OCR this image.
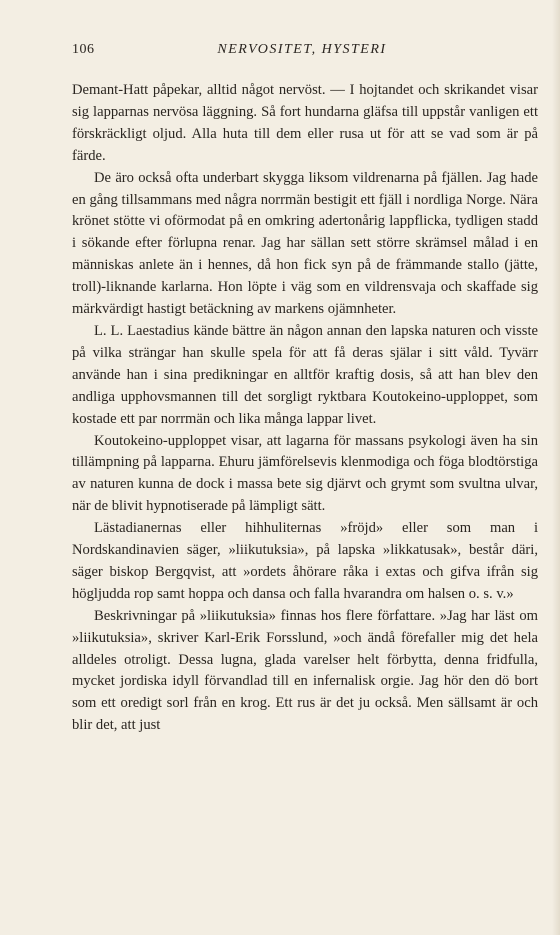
106	NERVOSITET, HYSTERI

Demant-Hatt påpekar, alltid något nervöst. — I hojtandet och skrikandet visar sig lapparnas nervösa läggning. Så fort hundarna gläfsa till uppstår vanligen ett förskräckligt oljud. Alla huta till dem eller rusa ut för att se vad som är på färde.

De äro också ofta underbart skygga liksom vildrenarna på fjällen. Jag hade en gång tillsammans med några norrmän bestigit ett fjäll i nordliga Norge. Nära krönet stötte vi oförmodat på en omkring adertonårig lappflicka, tydligen stadd i sökande efter förlupna renar. Jag har sällan sett större skrämsel målad i en människas anlete än i hennes, då hon fick syn på de främmande stallo (jätte, troll)-liknande karlarna. Hon löpte i väg som en vildrensvaja och skaffade sig märkvärdigt hastigt betäckning av markens ojämnheter.

L. L. Laestadius kände bättre än någon annan den lapska naturen och visste på vilka strängar han skulle spela för att få deras själar i sitt våld. Tyvärr använde han i sina predikningar en alltför kraftig dosis, så att han blev den andliga upphovsmannen till det sorgligt ryktbara Koutokeino-upploppet, som kostade ett par norrmän och lika många lappar livet.

Koutokeino-upploppet visar, att lagarna för massans psykologi även ha sin tillämpning på lapparna. Ehuru jämförelsevis klenmodiga och föga blodtörstiga av naturen kunna de dock i massa bete sig djärvt och grymt som svultna ulvar, när de blivit hypnotiserade på lämpligt sätt.

Lästadianernas eller hihhuliternas »fröjd» eller som man i Nordskandinavien säger, »liikutuksia», på lapska »likkatusak», består däri, säger biskop Bergqvist, att »ordets åhörare råka i extas och gifva ifrån sig högljudda rop samt hoppa och dansa och falla hvarandra om halsen o. s. v.»

Beskrivningar på »liikutuksia» finnas hos flere författare. »Jag har läst om »liikutuksia», skriver Karl-Erik Forsslund, »och ändå förefaller mig det hela alldeles otroligt. Dessa lugna, glada varelser helt förbytta, denna fridfulla, mycket jordiska idyll förvandlad till en infernalisk orgie. Jag hör den dö bort som ett oredigt sorl från en krog. Ett rus är det ju också. Men sällsamt är och blir det, att just
